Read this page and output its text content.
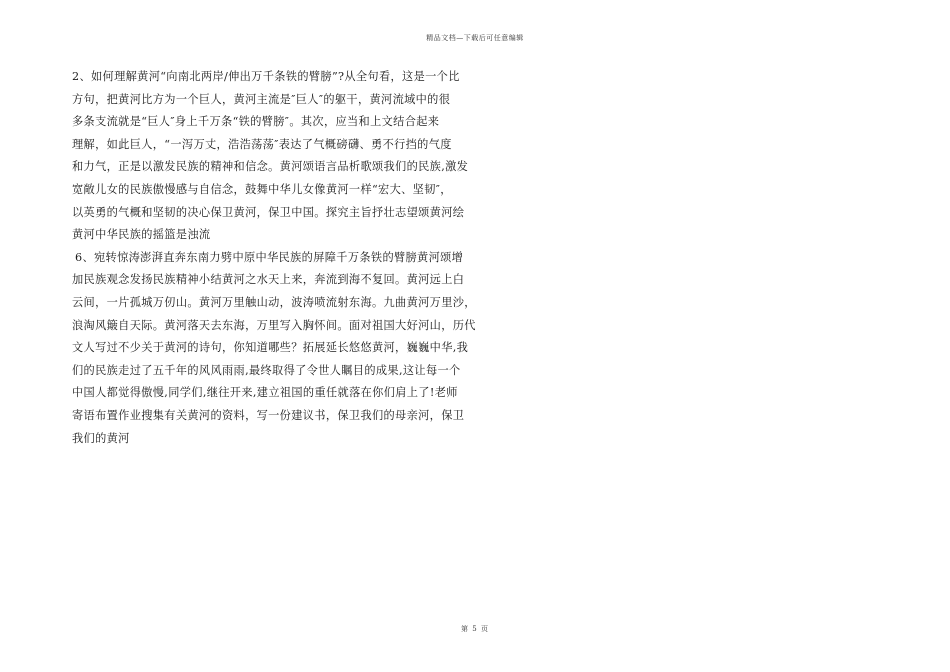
精品文档—下载后可任意编辑
2、如何理解黄河“向南北两岸/伸出万千条铁的臂膀”?从全句看，这是一个比
方句，把黄河比方为一个巨人，黄河主流是″巨人″的躯干，黄河流域中的很
多条支流就是“巨人″身上千万条“铁的臂膀″。其次，应当和上文结合起来
理解，如此巨人，“一泻万丈，浩浩荡荡″表达了气概磅礴、勇不行挡的气度
和力气，正是以激发民族的精神和信念。黄河颂语言品析歌颂我们的民族,激发
宽敞儿女的民族傲慢感与自信念，鼓舞中华儿女像黄河一样“宏大、坚韧″，
以英勇的气概和坚韧的决心保卫黄河，保卫中国。探究主旨抒壮志望颂黄河绘
黄河中华民族的摇篮是浊流
6、宛转惊涛澎湃直奔东南力劈中原中华民族的屏障千万条铁的臂膀黄河颂增
加民族观念发扬民族精神小结黄河之水天上来，奔流到海不复回。黄河远上白
云间，一片孤城万仞山。黄河万里触山动，波涛喷流射东海。九曲黄河万里沙，
浪淘风簸自天际。黄河落天去东海，万里写入胸怀间。面对祖国大好河山，历代
文人写过不少关于黄河的诗句，你知道哪些？拓展延长悠悠黄河，巍巍中华,我
们的民族走过了五千年的风风雨雨,最终取得了令世人瞩目的成果,这让每一个
中国人都觉得傲慢,同学们,继往开来,建立祖国的重任就落在你们肩上了!老师
寄语布置作业搜集有关黄河的资料，写一份建议书，保卫我们的母亲河，保卫
我们的黄河
第 5 页
